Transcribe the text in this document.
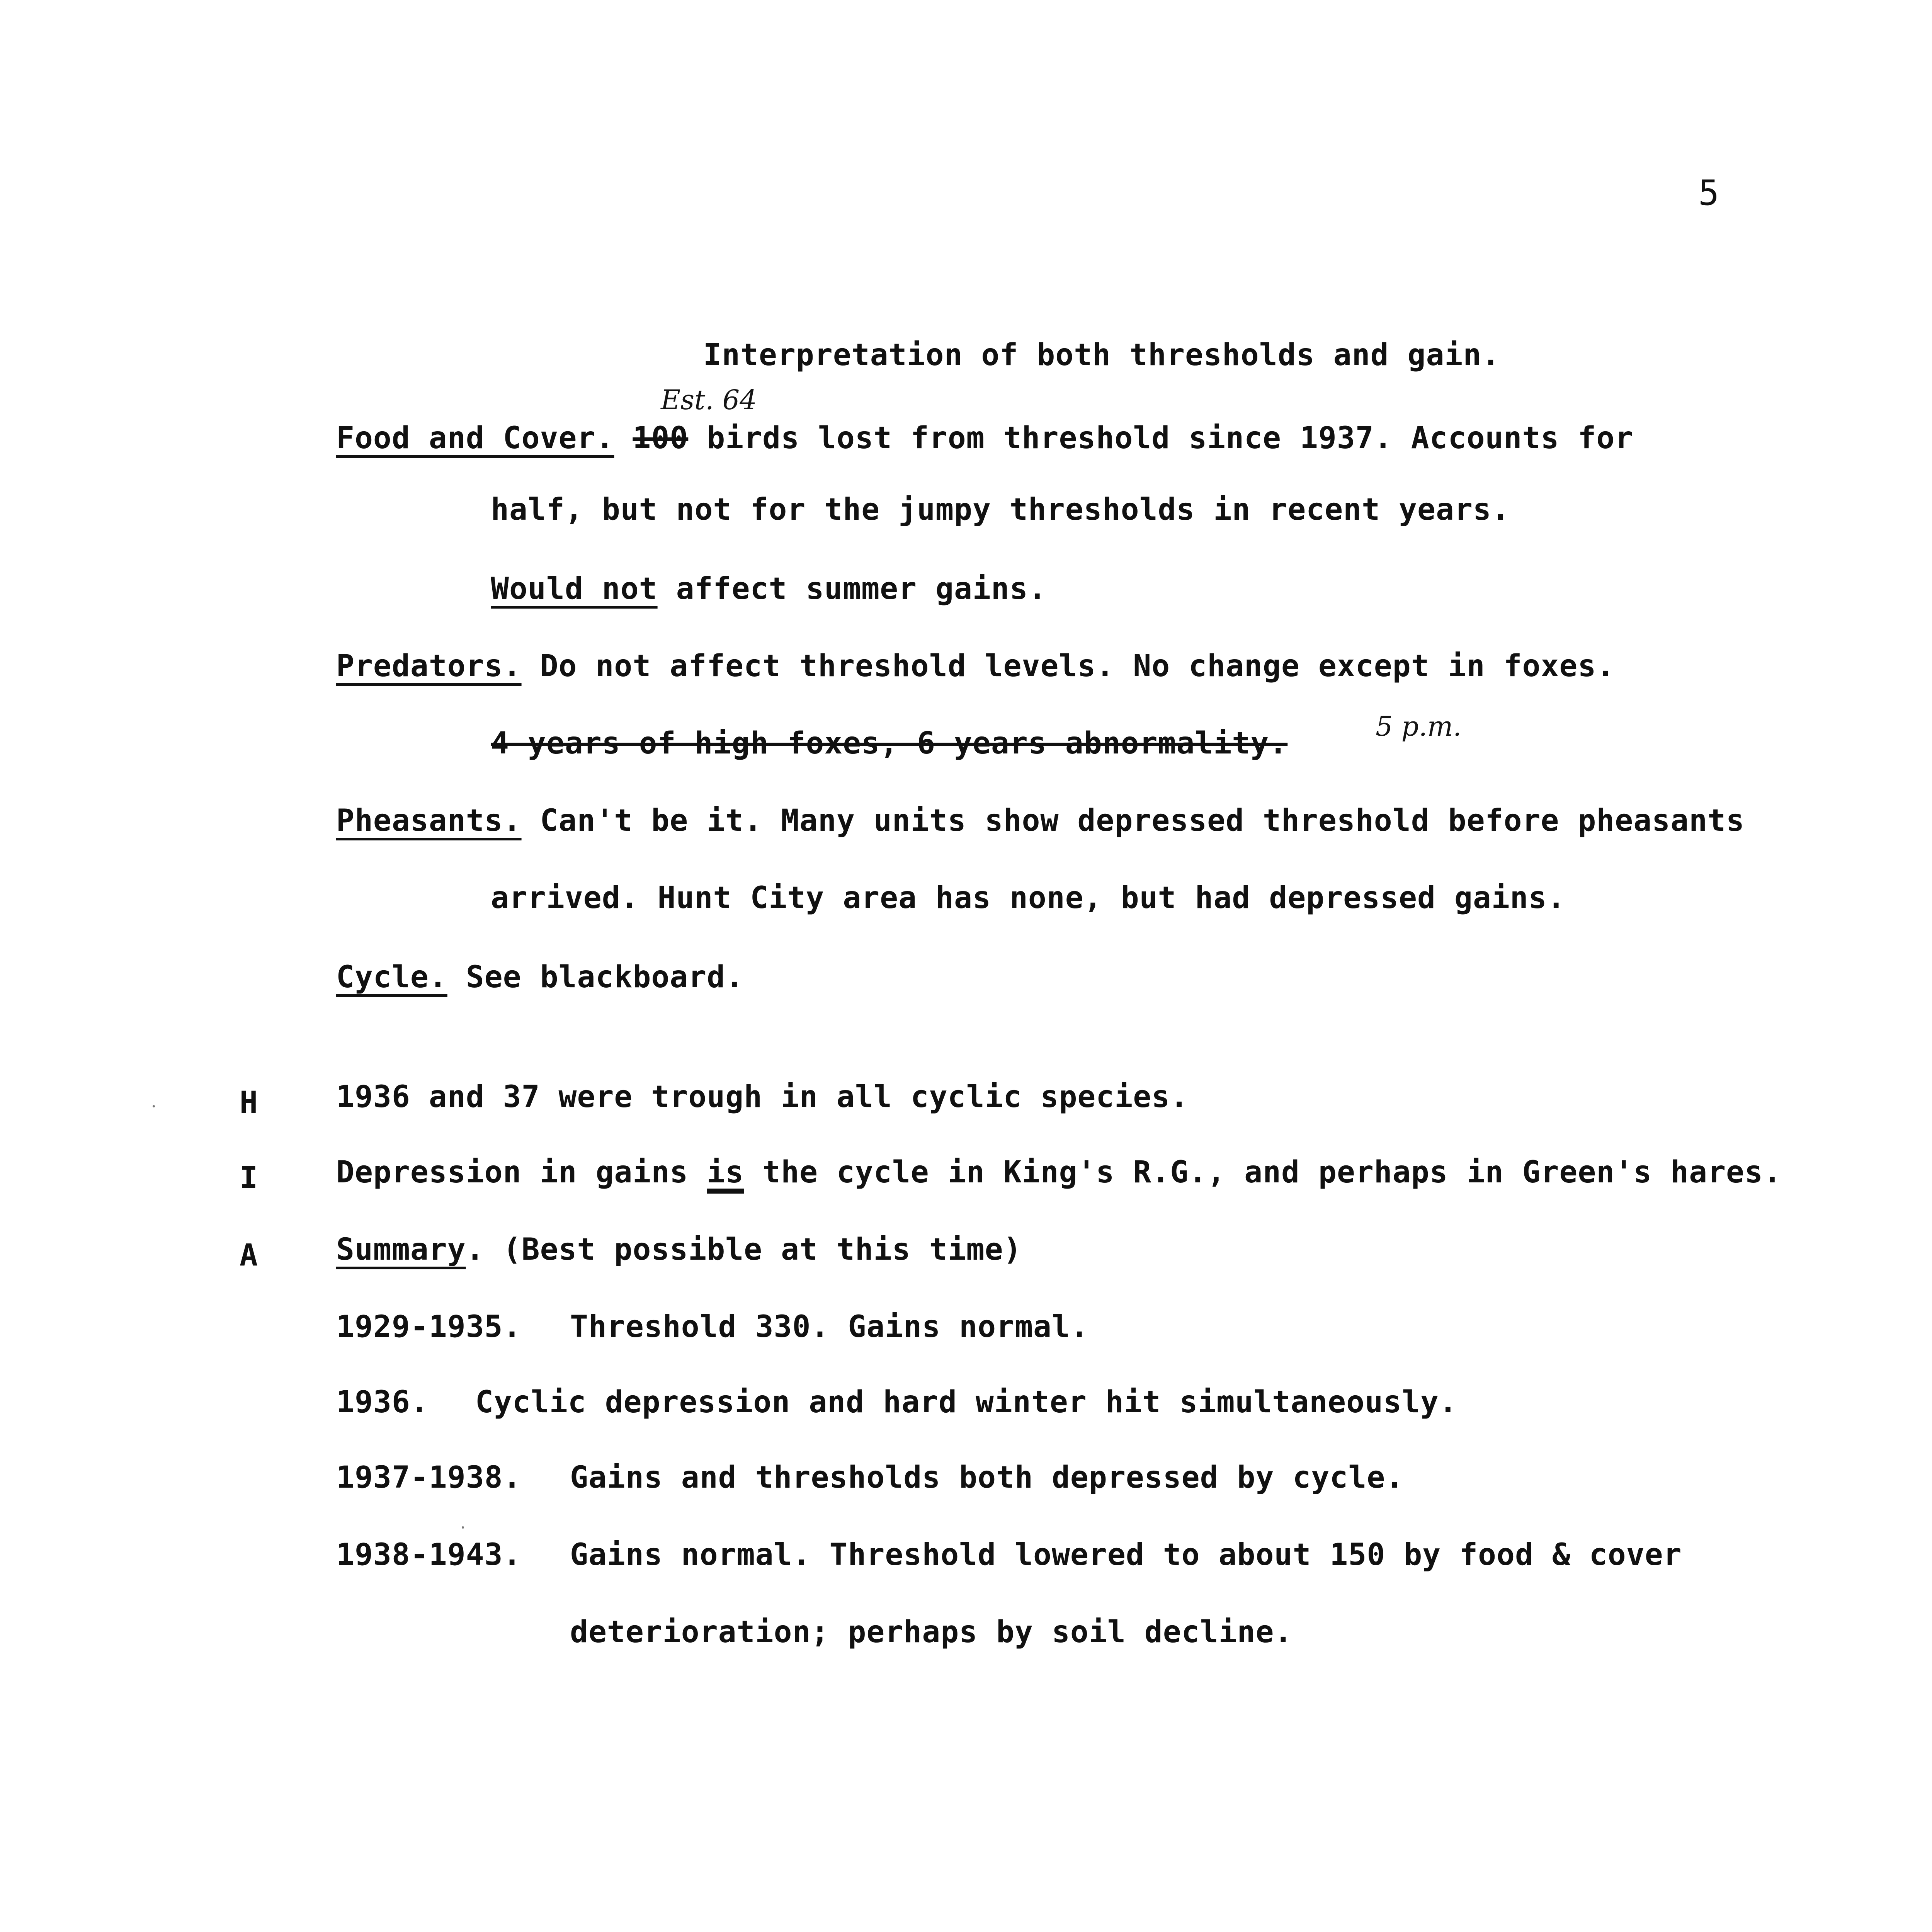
5
Interpretation of both thresholds and gain.
Est. 64
Food and Cover. 100 birds lost from threshold since 1937. Accounts for
half, but not for the jumpy thresholds in recent years.
Would not affect summer gains.
Predators. Do not affect threshold levels. No change except in foxes.
4 years of high foxes, 6 years abnormality.	5 p.m.
Pheasants. Can't be it. Many units show depressed threshold before pheasants
arrived. Hunt City area has none, but had depressed gains.
Cycle. See blackboard.
H
I
A
1936 and 37 were trough in all cyclic species.
Depression in gains is the cycle in King's R.G., and perhaps in Green's hares.
Summary. (Best possible at this time)
1929-1935. Threshold 330. Gains normal.
1936. Cyclic depression and hard winter hit simultaneously.
1937-1938. Gains and thresholds both depressed by cycle.
1938-1943. Gains normal. Threshold lowered to about 150 by food & cover
deterioration; perhaps by soil decline.
